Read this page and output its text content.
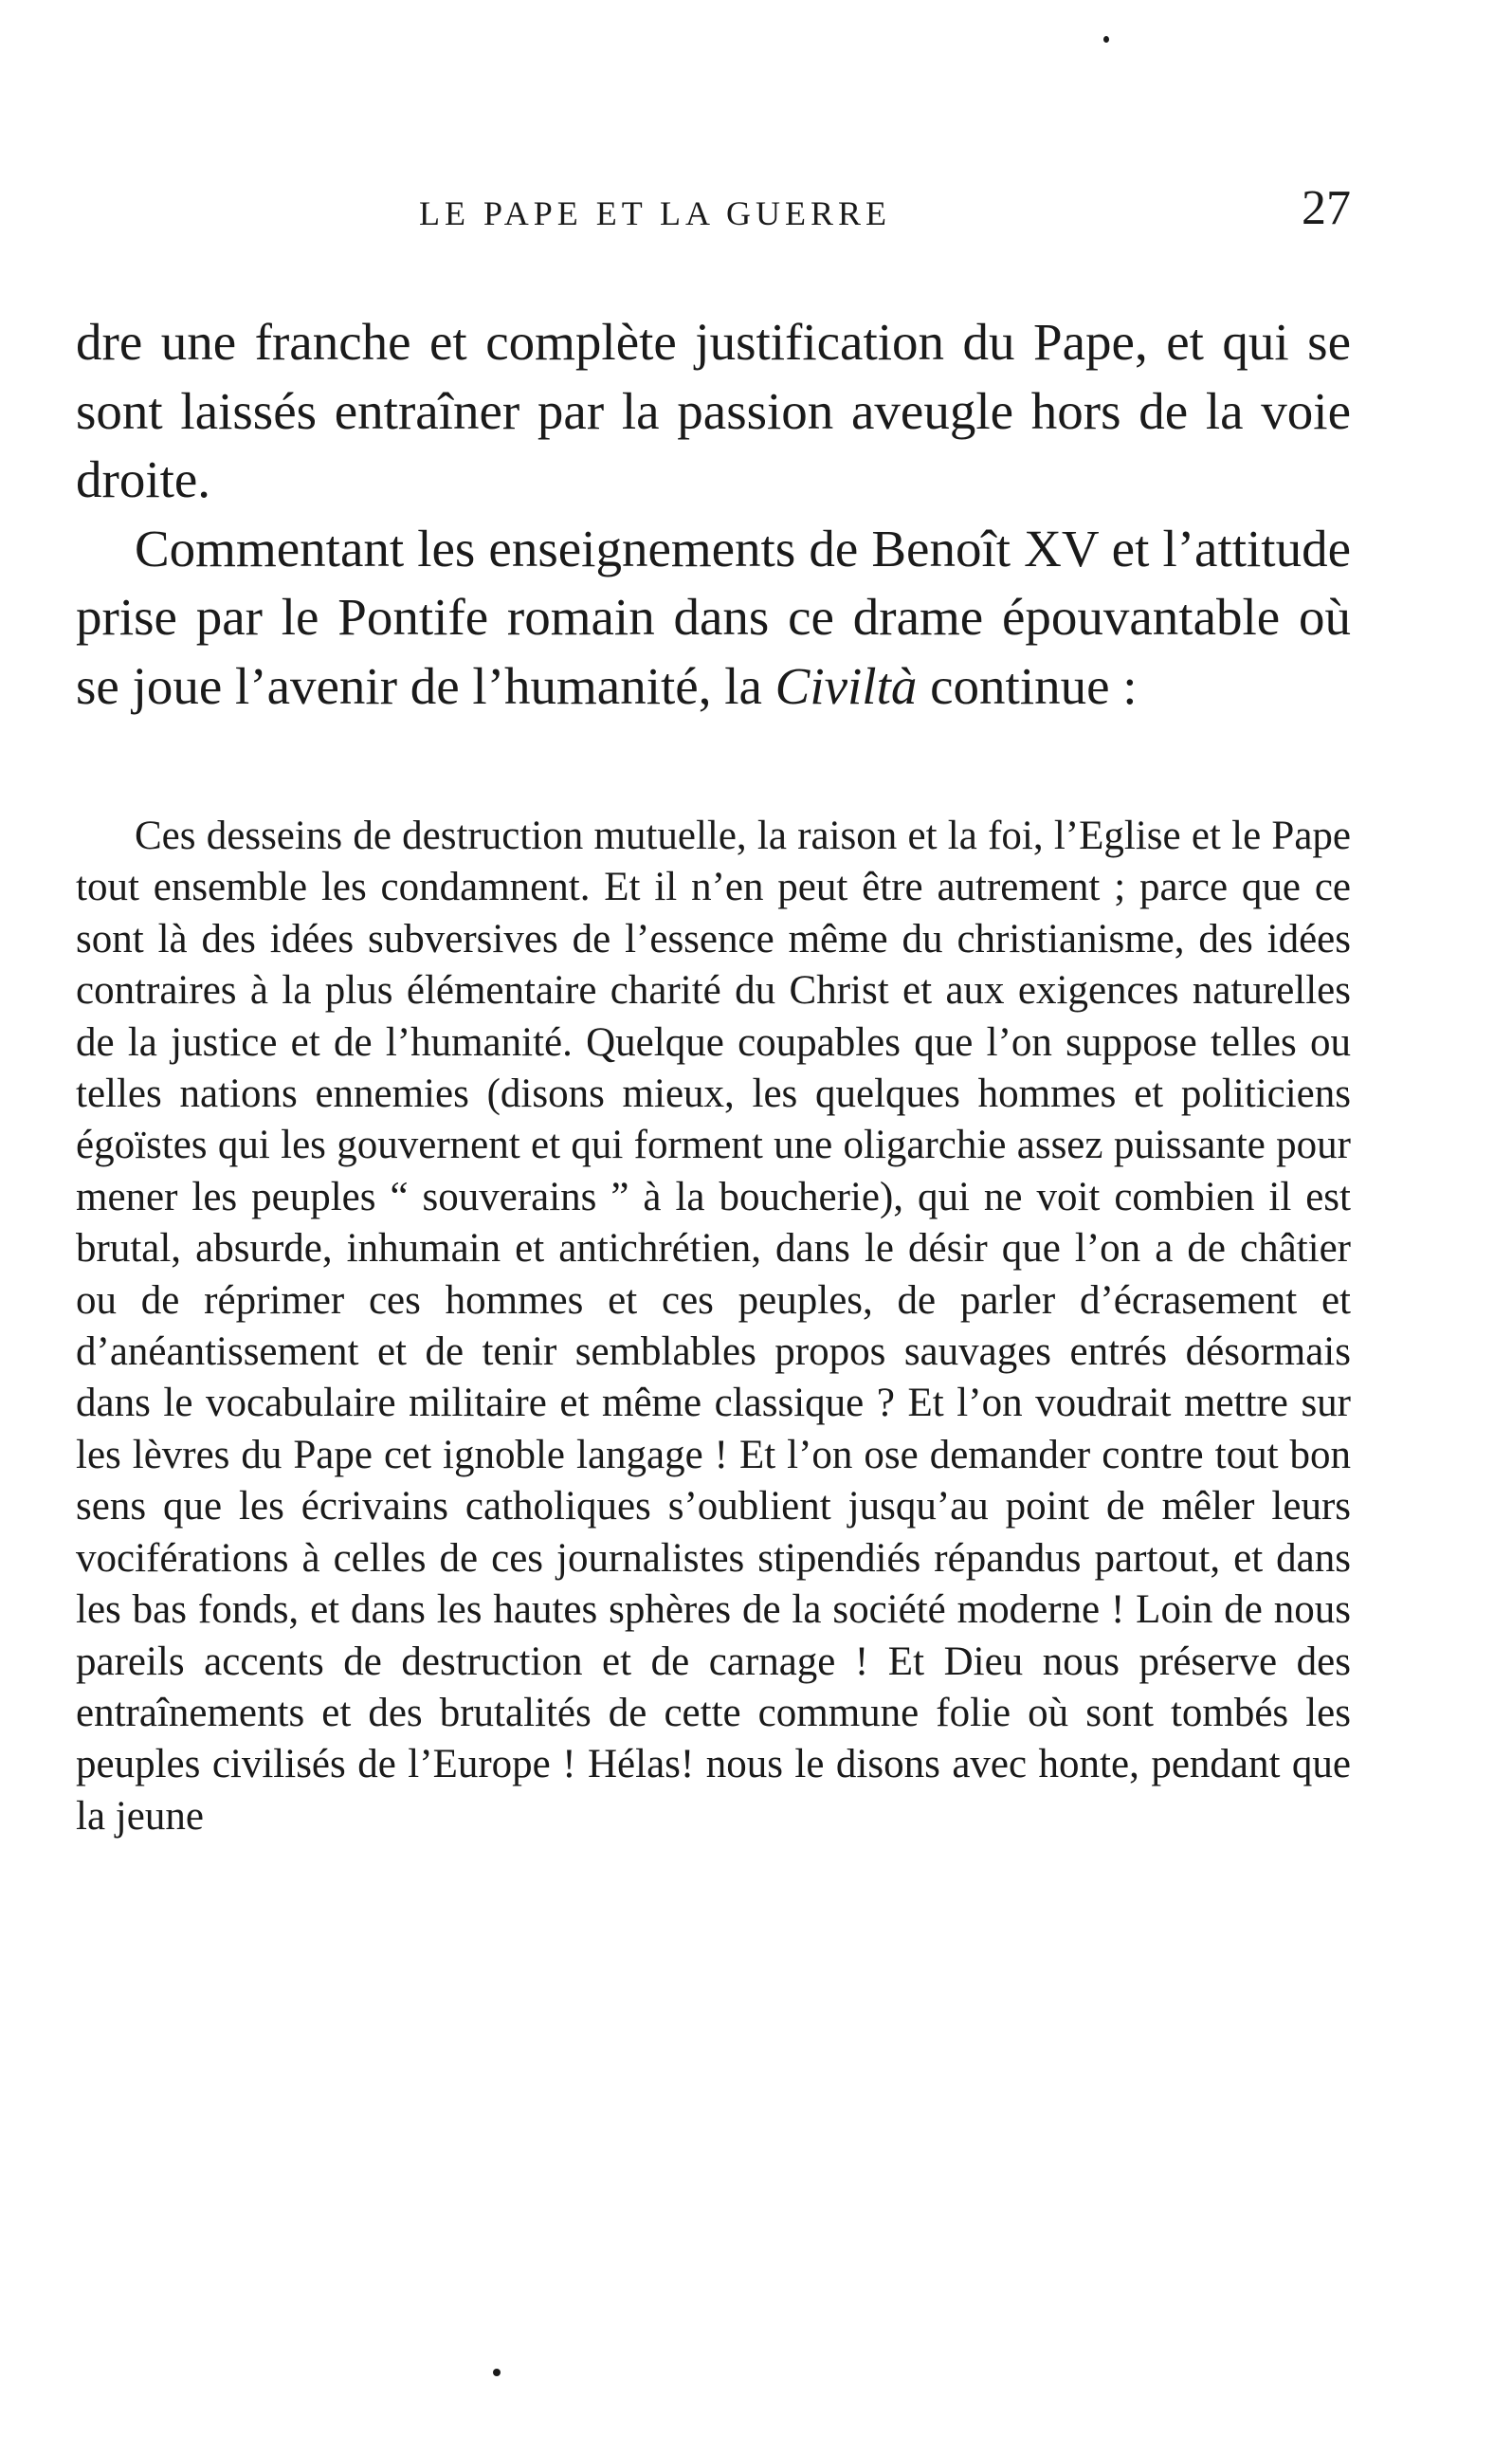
LE PAPE ET LA GUERRE	27

dre une franche et complète justification du Pape, et qui se sont laissés entraîner par la passion aveugle hors de la voie droite.

Commentant les enseignements de Benoît XV et l’attitude prise par le Pontife romain dans ce drame épouvantable où se joue l’avenir de l’humanité, la Civiltà continue :

Ces desseins de destruction mutuelle, la raison et la foi, l’Eglise et le Pape tout ensemble les condamnent. Et il n’en peut être autrement ; parce que ce sont là des idées subversives de l’essence même du christianisme, des idées contraires à la plus élémentaire charité du Christ et aux exigences naturelles de la justice et de l’humanité. Quelque coupables que l’on suppose telles ou telles nations ennemies (disons mieux, les quelques hommes et politiciens égoïstes qui les gouvernent et qui forment une oligarchie assez puissante pour mener les peuples “ souverains ” à la boucherie), qui ne voit combien il est brutal, absurde, inhumain et antichrétien, dans le désir que l’on a de châtier ou de réprimer ces hommes et ces peuples, de parler d’écrasement et d’anéantissement et de tenir semblables propos sauvages entrés désormais dans le vocabulaire militaire et même classique ? Et l’on voudrait mettre sur les lèvres du Pape cet ignoble langage ! Et l’on ose demander contre tout bon sens que les écrivains catholiques s’oublient jusqu’au point de mêler leurs vociférations à celles de ces journalistes stipendiés répandus partout, et dans les bas fonds, et dans les hautes sphères de la société moderne ! Loin de nous pareils accents de destruction et de carnage ! Et Dieu nous préserve des entraînements et des brutalités de cette commune folie où sont tombés les peuples civilisés de l’Europe ! Hélas! nous le disons avec honte, pendant que la jeune
